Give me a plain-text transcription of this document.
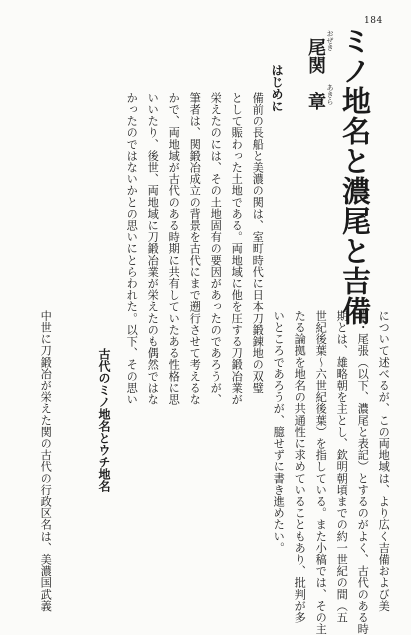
184
ミノ地名と濃尾と吉備
尾関章
おぜき
あきら
はじめに
備前の長船と美濃の関は、室町時代に日本刀鍛錬地の双璧
として賑わった土地である。両地域に他を圧する刀鍛冶業が
栄えたのには、その土地固有の要因があったのであろうが、
筆者は、関鍛冶成立の背景を古代にまで遡行させて考えるな
かで、両地域が古代のある時期に共有していたある性格に思
いいたり、後世、両地域に刀鍛冶業が栄えたのも偶然ではな
かったのではないかとの思いにとらわれた。以下、その思い
について述べるが、この両地域は、より広く吉備および美
濃・尾張（以下、濃尾と表記）とするのがよく、古代のある時
期とは、雄略朝を主とし、欽明朝頃までの約一世紀の間（五
世紀後葉～六世紀後葉）を指している。また小稿では、その主
たる論拠を地名の共通性に求めていることもあり、批判が多
いところであろうが、臆せずに書き進めたい。
古代のミノ地名とウチ地名
中世に刀鍛冶が栄えた関の古代の行政区名は、美濃国武義
